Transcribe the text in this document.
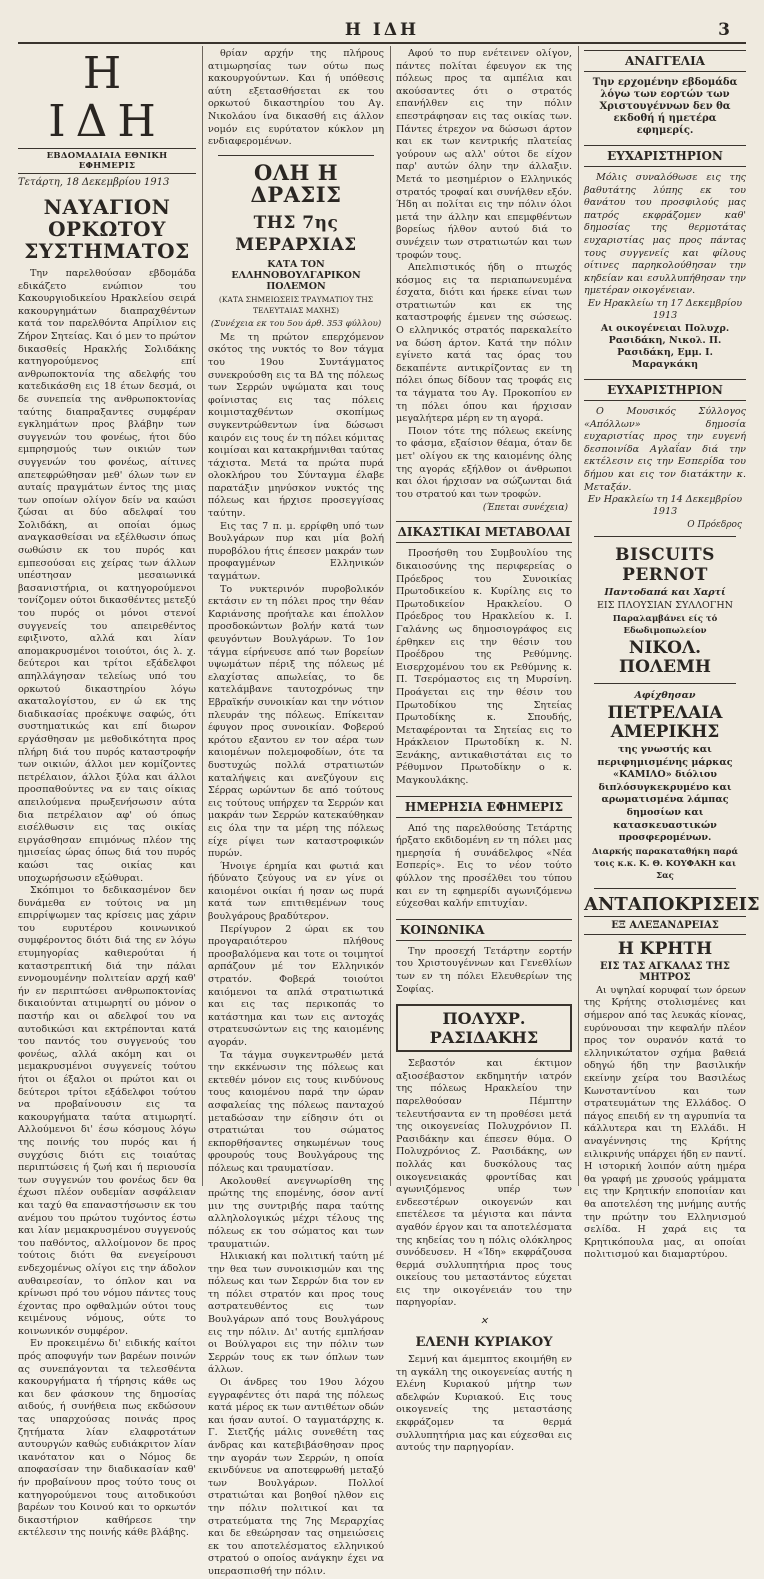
Η ΙΔΗ	3
Η ΙΔΗ
ΕΒΔΟΜΑΔΙΑΙΑ ΕΘΝΙΚΗ ΕΦΗΜΕΡΙΣ
Τετάρτη, 18 Δεκεμβρίου 1913
ΝΑΥΑΓΙΟΝ ΟΡΚΩΤΟΥ ΣΥΣΤΗΜΑΤΟΣ

Την παρελθούσαν εβδομάδα εδικάζετο ενώπιον του Κακουργιοδικείου Ηρακλείου σειρά κακουργημάτων διαπραχθέντων κατά τον παρελθόντα Απρίλιον εις Ζήρον Σητείας. Και ό μεν το πρώτον δικασθείς Ηρακλής Σολιδάκης κατηγορούμενος επί ανθρωποκτονία της αδελφής του κατεδικάσθη εις 18 έτων δεσμά, οι δε συνεπεία της ανθρωποκτονίας ταύτης διαπραξαντες συμφέραν εγκλημάτων προς βλάβην των συγγενών του φονέως, ήτοι δύο εμπρησμούς των οικιών των συγγενών του φονέως, αίτινες απετεφρώθησαν μεθ' όλων των εν αυταίς πραγμάτων έντος της μιας των οποίων ολίγον δείν να καώσι ζώσαι αι δύο αδελφαί του Σολιδάκη, αι οποίαι όμως αναγκασθείσαι να εξέλθωσιν όπως σωθώσιν εκ του πυρός και εμπεσούσαι εις χείρας των άλλων υπέστησαν μεσαιωνικά βασανιστήρια, οι κατηγορούμενοι τονίζομεν ούτοι δικασθέντες μετεξύ του πυρός οι μόνοι στενοί συγγενείς του απειρεθέντος εφιξινοτο, αλλά και λίαν απομακρυσμένοι τοιούτοι, όις λ. χ. δεύτεροι και τρίτοι εξάδελφοι απηλλάγησαν τελείως υπό του ορκωτού δικαστηρίου λόγω ακαταλογίστου, εν ώ εκ της διαδικασίας προέκυψε σαφώς, ότι συστηματικώς και επί διωρον εργάσθησαν με μεθοδικότητα προς πλήρη διά του πυρός καταστροφήν των οικιών, άλλοι μεν κομίζοντες πετρέλαιον, άλλοι ξύλα και άλλοι προσπαθούντες να εν ταις οίκιας απειλούμενα πρωξενήσωσιν αύτα δια πετρέλαιον αφ' ού όπως εισέλθωσιν εις τας οικίας ειργάσθησαν επιμόνως πλέον της ημισείας ώρας όπως διά του πυρός καώσι τας οικίας και υποχωρήσωσιν εξώθυραι.

Σκόπιμοι το δεδικασμένον δεν δυνάμεθα εν τούτοις να μη επιρρίψωμεν τας κρίσεις μας χάριν του ευρυτέρου κοινωνικού συμφέροντος διότι διά της εν λόγω ετυμηγορίας καθιερούται ή καταστρεπτική διά την πάλαι εννομουμένην πολιτείαν αρχή καθ' ήν εν περιπτώσει ανθρωποκτονίας δικαιούνται ατιμωρητί ου μόνον ο παστήρ και οι αδελφοί του να αυτοδικώσι και εκτρέπονται κατά του παντός του συγγενούς του φονέως, αλλά ακόμη και οι μεμακρυσμένοι συγγενείς τούτου ήτοι οι έξαλοι οι πρώτοι και οι δεύτεροι τρίτοι εξάδελφοι τούτου να προβαίνουσιν εις τα κακουργήματα ταύτα ατιμωρητί. Αλλούμενοι δι' έσω κόσμους λόγω της ποινής του πυρός και ή συγχύσις διότι εις τοιαύτας περιπτώσεις ή ζωή και ή περιουσία των συγγενών του φονέως δεν θα έχωσι πλέον ουδεμίαν ασφάλειαν και ταχύ θα επαναστήσωσιν εκ του ανέμου του πρώτου τυχόντος έστω και λίαν μεμακρυσμένου συγγενούς του παθόντος, αλλοίμονον δε προς τούτοις διότι θα ενεγείρουσι ενδεχομένως ολίγοι εις την άδολον αυθαιρεσίαν, το όπλον και να κρίνωσι πρό του νόμου πάντες τους έχοντας προ οφθαλμών ούτοι τους κειμένους νόμους, ούτε το κοινωνικόν συμφέρον.

Εν προκειμένω δι' ειδικής καίτοι πρός αποφυγήν των βαρέων ποινών ας συνεπάγονται τα τελεσθέντα κακουργήματα ή τήρησις κάθε ως και δεν φάσκουν της δημοσίας αιδούς, ή συνήθεια πως εκδώσουν τας υπαρχούσας ποινάς προς ζητήματα λίαν ελαφροτάτων αυτουργών καθώς ευδιάκριτον λίαν ικανότατον και ο Νόμος δε αποφασίσαν την διαδικασίαν καθ' ήν προβαίνουν προς τούτο τους οι κατηγορούμενοι τους αιτοδικούσι βαρέων του Κοινού και το ορκωτόν δικαστήριον καθήρεσε την εκτέλεσιν της ποινής κάθε βλάβης.

θρίαν αρχήν της πλήρους ατιμωρησίας των ούτω πως κακουργούντων. Και ή υπόθεσις αύτη εξετασθήσεται εκ του ορκωτού δικαστηρίου του Αγ. Νικολάου ίνα δικασθή εις άλλον νομόν εις ευρύτατον κύκλον μη ενδιαφερομένων.

ΟΛΗ Η ΔΡΑΣΙΣ
ΤΗΣ 7ης ΜΕΡΑΡΧΙΑΣ
ΚΑΤΑ ΤΟΝ ΕΛΛΗΝΟΒΟΥΛΓΑΡΙΚΟΝ ΠΟΛΕΜΟΝ
(ΚΑΤΑ ΣΗΜΕΙΩΣΕΙΣ ΤΡΑΥΜΑΤΙΟΥ ΤΗΣ ΤΕΛΕΥΤΑΙΑΣ ΜΑΧΗΣ)
(Συνέχεια εκ του 5ου άρθ. 353 φύλλου)

Με τη πρώτον επερχόμενον σκότος της νυκτός το 8ον τάγμα του 19ου Συντάγματος συνεκρούσθη εις τα ΒΔ της πόλεως των Σερρών υψώματα και τους φοίνιστας εις τας πόλεις κοιμισταχθέντων σκοπίμως συγκεντρώθεντων ίνα δώσωσι καιρόν εις τους έν τη πόλει κόμιτας κοιμίσαι και κατακρήμνιθαι ταύτας τάχιστα. Μετά τα πρώτα πυρά ολοκλήρου του Σύνταγμα έλαβε παρατάξιν μηνύσκον νυκτός της πόλεως και ήρχισε προσεγγίσας ταύτην.

Εις τας 7 π. μ. ερρίφθη υπό των Βουλγάρων πυρ και μία βολή πυροβόλου ήτις έπεσεν μακράν των προφαγμένων Ελληνικών ταγμάτων.

Το νυκτερινόν πυροβολικόν εκτάσιν εν τη πόλει προς την θέαν Καριάνσης προήταλε και έπολλον προσδοκώντων βολήν κατά των φευγόντων Βουλγάρων. Το 1ον τάγμα είρήνευσε από των βορείων υψωμάτων πέριξ της πόλεως μέ ελαχίστας απωλείας, το δε κατελάμβανε ταυτοχρόνως την Εβραϊκήν συνοικίαν και την νότιον πλευράν της πόλεως. Επίκειταν έφυγον προς συνοικίαν. Φοβερού κρότου εξαντου εν τον αέρα των καιομένων πολεμοφοδίων, ότε τα δυστυχώς πολλά στρατιωτών καταλήψεις και ανεζύγουν εις Σέρρας ωρώντων δε από τούτους εις τούτους υπήρχεν τα Σερρών και μακράν των Σερρών κατεκαύθηκαν εις όλα την τα μέρη της πόλεως είχε ρίψει των καταστροφικών πυρών.

Ήνοιγε έρημία και φωτιά και ήδύνατο ζεύγους να εν γίνε οι καιομένοι οικίαι ή ησαν ως πυρά κατά των επιτιθεμένων τους βουλγάρους βραδύτερον.

Περίγυρον 2 ώραι εκ του προγαραιότερου πλήθους προσβαλόμενα και τοτε οι τοιμητοί αρπάζουν μέ τον Ελληνικόν στρατόν. Φοβερά τοιούτοι καιόμενοι τα απλά στρατιωτικά και εις τας περικοπάς το κατάστημα και των εις αντοχάς στρατευσώντων εις της καιομένης αγοράν.

Τα τάγμα συγκεντρωθέν μετά την εκκένωσιν της πόλεως και εκτεθέν μόνον εις τους κινδύνους τους καιομένου παρά την ώραν ασφαλείας της πόλεως πανταχού μεταδώσαν την είδησιν ότι οι στρατιώται του σώματος εκπορθήσαντες σηκωμένων τους φρουρούς τους Βουλγάρους της πόλεως και τραυματίσαν.

Ακολουθεί ανεγνωρίσθη της πρώτης της επομένης, όσον αντί μιν της συντριβής παρα ταύτης αλληλολογικώς μέχρι τέλους της πόλεως εκ του σώματος και των τραυματιών.

Ηλικιακή και πολιτική ταύτη μέ την θεα των συνοικισμών και της πόλεως και των Σερρών δια τον εν τη πόλει στρατόν και προς τους αστρατευθέντος εις των Βουλγάρων από τους Βουλγάρους εις την πόλιν. Δι' αυτής εμπλήσαν οι Βούλγαροι εις την πόλιν των Σερρών τους εκ των όπλων των άλλων.

Οι άνδρες του 19ου λόχου εγγραφέντες ότι παρά της πόλεως κατά μέρος εκ των αντιθέτων οδών και ήσαν αυτοί. Ο ταγματάρχης κ. Γ. Σιετζής μάλις συνεθέτη τας άνδρας και κατεβιβάσθησαν προς την αγοράν των Σερρών, η οποία εκινδύνευε να αποτεφρωθή μεταξύ των Βουλγάρων. Πολλοί στρατιώται και βοηθοί ηλθον εις την πόλιν πολιτικοί και τα στρατεύματα της 7ης Μεραρχίας και δε εθεώρησαν τας σημειώσεις εκ του αποτελέσματος ελληνικού στρατού ο οποίος ανάγκην έχει να υπερασπισθή την πόλιν.

Αφού το πυρ ενέτεινεν ολίγον, πάντες πολίται έφευγον εκ της πόλεως προς τα αμπέλια και ακούσαντες ότι ο στρατός επανήλθεν εις την πόλιν επεστράφησαν εις τας οικίας των. Πάντες έτρεχον να δώσωσι άρτον και εκ των κεντρικής πλατείας γούρουν ως αλλ' ούτοι δε είχον παρ' αυτών όλην την άλλαξιν. Μετά το μεσημέριον ο Ελληνικός στρατός τροφαί και συνήλθεν εξόν. Ήδη αι πολίται εις την πόλιν όλοι μετά την άλλην και επεμφθέντων βορείως ήλθον αυτού διά το συνέχειν των στρατιωτών και των τροφών τους.

Απελπιστικός ήδη ο πτωχός κόσμος εις τα περιαπωνευμένα έσχατα, διότι και ήρεκε είναι των στρατιωτών και εκ της καταστροφής έμενεν της σώσεως. Ο ελληνικός στρατός παρεκαλείτο να δώση άρτον. Κατά την πόλιν εγίνετο κατά τας όρας του δεκαπέντε αντικρίζοντας εν τη πόλει όπως δίδουν τας τροφάς εις τα τάγματα του Αγ. Προκοπίου εν τη πόλει όπου και ήρχισαν μεγαλήτερα μέρη εν τη αγορά.

Ποιον τότε της πόλεως εκείνης το φάσμα, εξαίσιον θέαμα, όταν δε μετ' ολίγου εκ της καιομένης όλης της αγοράς εξήλθον οι άνθρωποι και όλοι ήρχισαν να σώζωνται διά του στρατού και των τροφών.

(Έπεται συνέχεια)
ΔΙΚΑΣΤΙΚΑΙ ΜΕΤΑΒΟΛΑΙ

Προσήσθη του Συμβουλίου της δικαιοσύνης της περιφερείας ο Πρόεδρος του Συνοικίας Πρωτοδικείου κ. Κυρίλης εις το Πρωτοδικείον Ηρακλείου. Ο Πρόεδρος του Ηρακλείου κ. Ι. Γαλάνης ως δημοσιογράφος εις έρθηκεν εις την θέσιν του Προέδρου της Ρεθύμνης. Εισερχομένου του εκ Ρεθύμνης κ. Π. Τσερόμαστος εις τη Μυρσίνη. Προάγεται εις την θέσιν του Πρωτοδίκου της Σητείας Πρωτοδίκης κ. Σπουδής, Μεταφέρονται τα Σητείας εις το Ηράκλειον Πρωτοδίκη κ. Ν. Ξενάκης, αντικαθιστάται εις το Ρέθυμνον Πρωτοδίκην ο κ. Μαγκουλάκης.

ΗΜΕΡΗΣΙΑ ΕΦΗΜΕΡΙΣ

Από της παρελθούσης Τετάρτης ήρξατο εκδιδομένη εν τη πόλει μας ημερησία ή συνάδελφος «Νέα Εσπερίς». Εις το νέον τούτο φύλλον της προσέλθει του τύπου και εν τη εφημερίδι αγωνιζόμενω εύχεσθαι καλήν επιτυχίαν.

ΚΟΙΝΩΝΙΚΑ

Την προσεχή Τετάρτην εορτήν του Χριστουγέννων και Γενεθλίων των εν τη πόλει Ελευθερίων της Σοφίας.

ΠΟΛΥΧΡ. ΡΑΣΙΔΑΚΗΣ

Σεβαστόν και έκτιμον αξιοσέβαστον εκδημητήν ιατρόν της πόλεως Ηρακλείου την παρελθούσαν Πέμπτην τελευτήσαντα εν τη προθέσει μετά της οικογενείας Πολυχρόνιον Π. Ρασιδάκην και έπεσεν θύμα. Ο Πολυχρόνιος Ζ. Ρασιδάκης, ων πολλάς και δυσκόλους τας οικογενειακάς φροντίδας και αγωνιζόμενος υπέρ των ενδεεστέρων οικογενών και επετέλεσε τα μέγιστα και πάντα αγαθόν έργον και τα αποτελέσματα της κηδείας του η πόλις ολόκληρος συνόδευσεν. Η «Ίδη» εκφράζουσα θερμά συλλυπητήρια προς τους οικείους του μεταστάντος εύχεται εις την οικογένειάν του την παρηγορίαν.

✕
ΕΛΕΝΗ ΚΥΡΙΑΚΟΥ

Σεμνή και άμεμπτος εκοιμήθη εν τη αγκάλη της οικογενείας αυτής η Ελένη Κυριακού μήτηρ των αδελφών Κυριακού. Εις τους οικογενείς της μεταστάσης εκφράζομεν τα θερμά συλλυπητήρια μας και εύχεσθαι εις αυτούς την παρηγορίαν.

ΑΝΑΓΓΕΛΙΑ
Την ερχομένην εβδομάδα λόγω των εορτών των Χριστουγέννων δεν θα εκδοθή ή ημετέρα εφημερίς.
ΕΥΧΑΡΙΣΤΗΡΙΟΝ

Μόλις συναλόθωσε εις της βαθυτάτης λύπης εκ του θανάτου του προσφιλούς μας πατρός εκφράζομεν καθ' δημοσίας της θερμοτάτας ευχαριστίας μας προς πάντας τους συγγενείς και φίλους οίτινες παρηκολούθησαν την κηδείαν και εσυλλυπήθησαν την ημετέραν οικογένειαν.

Εν Ηρακλείω τη 17 Δεκεμβρίου 1913
Αι οικογένειαι Πολυχρ. Ρασιδάκη, Νικολ. Π. Ρασιδάκη, Εμμ. Ι. Μαραγκάκη
ΕΥΧΑΡΙΣΤΗΡΙΟΝ

Ο Μουσικός Σύλλογος «Απόλλων» δημοσία ευχαριστίας προς την ευγενή δεσποινίδα Αγλαΐαν διά την εκτέλεσιν εις την Εσπερίδα του δήμου και εις τον διατάκτην κ. Μεταξάν.

Εν Ηρακλείω τη 14 Δεκεμβρίου 1913
Ο Πρόεδρος
BISCUITS PERNOT
Παντοδαπά και Χαρτί
ΕΙΣ ΠΛΟΥΣΙΑΝ ΣΥΛΛΟΓΗΝ
Παραλαμβάνει είς τό Εδωδιμοπωλείον
ΝΙΚΟΛ. ΠΟΛΕΜΗ
Αφίχθησαν
ΠΕΤΡΕΛΑΙΑ ΑΜΕΡΙΚΗΣ

της γνωστής και περιφημισμένης μάρκας «ΚΑΜΙΛΟ» διόλιου διπλόσυγκεκρυμένο και αρωματισμένα λάμπας δημοσίων και κατασκευαστικών προσφερομένων.

Διαρκής παρακαταθήκη παρά τοις κ.κ. Κ. Θ. ΚΟΥΦΑΚΗ και Σας
ΑΝΤΑΠΟΚΡΙΣΕΙΣ
ΕΞ ΑΛΕΞΑΝΔΡΕΙΑΣ
Η ΚΡΗΤΗ
ΕΙΣ ΤΑΣ ΑΓΚΑΛΑΣ ΤΗΣ ΜΗΤΡΟΣ

Αι υψηλαί κορυφαί των όρεων της Κρήτης στολισμένες και σήμερον από τας λευκάς κίονας, ευρύνουσαι την κεφαλήν πλέον προς τον ουρανόν κατά το ελληνικώτατον σχήμα βαθειά οδηγώ ήδη την βασιλικήν εκείνην χείρα του Βασιλέως Κωνσταντίνου και των στρατευμάτων της Ελλάδος. Ο πάγος επειδή εν τη αγρυπνία τα κάλλυτερα και τη Ελλάδι. Η αναγέννησις της Κρήτης ειλικρινής υπάρχει ήδη εν παντί. Η ιστορική λοιπόν αύτη ημέρα θα γραφή με χρυσούς γράμματα εις την Κρητικήν εποποιίαν και θα αποτελέση της μνήμης αυτής την πρώτην του Ελληνισμού σελίδα. Η χαρά εις τα Κρητικόπουλα μας, αι οποίαι πολιτισμού και διαμαρτύρου.
